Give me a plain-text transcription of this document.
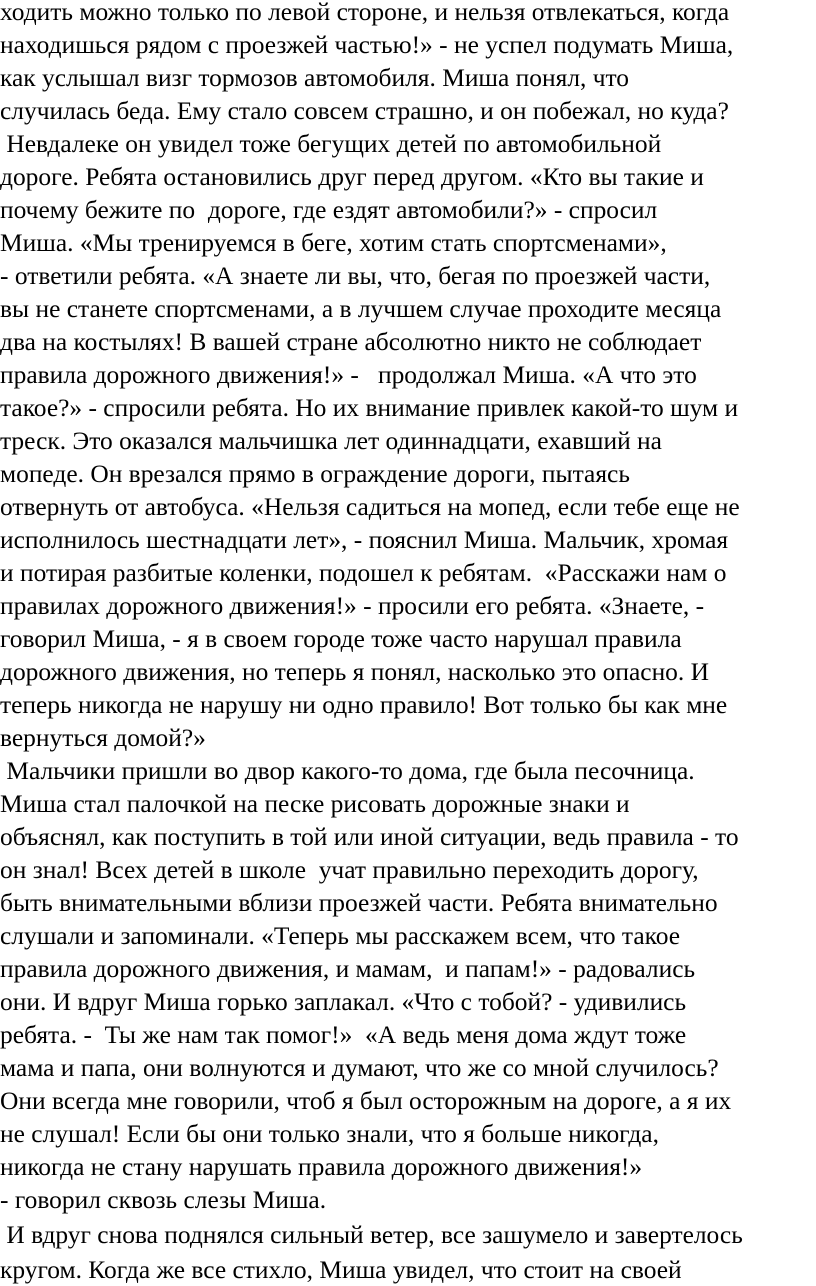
ходить можно только по левой стороне, и нельзя отвлекаться, когда

находишься рядом с проезжей частью!» - не успел подумать Миша,

как услышал визг тормозов автомобиля. Миша понял, что

случилась беда. Ему стало совсем страшно, и он побежал, но куда?

Невдалеке он увидел тоже бегущих детей по автомобильной

дороге. Ребята остановились друг перед другом. «Кто вы такие и

почему бежите по  дороге, где ездят автомобили?» - спросил

Миша. «Мы тренируемся в беге, хотим стать спортсменами»,

- ответили ребята. «А знаете ли вы, что, бегая по проезжей части,

вы не станете спортсменами, а в лучшем случае проходите месяца

два на костылях! В вашей стране абсолютно никто не соблюдает

правила дорожного движения!» -   продолжал Миша. «А что это

такое?» - спросили ребята. Но их внимание привлек какой-то шум и

треск. Это оказался мальчишка лет одиннадцати, ехавший на

мопеде. Он врезался прямо в ограждение дороги, пытаясь

отвернуть от автобуса. «Нельзя садиться на мопед, если тебе еще не

исполнилось шестнадцати лет», - пояснил Миша. Мальчик, хромая

и потирая разбитые коленки, подошел к ребятам.  «Расскажи нам о

правилах дорожного движения!» - просили его ребята. «Знаете, -

говорил Миша, - я в своем городе тоже часто нарушал правила

дорожного движения, но теперь я понял, насколько это опасно. И

теперь никогда не нарушу ни одно правило! Вот только бы как мне

вернуться домой?»

Мальчики пришли во двор какого-то дома, где была песочница.

Миша стал палочкой на песке рисовать дорожные знаки и

объяснял, как поступить в той или иной ситуации, ведь правила - то

он знал! Всех детей в школе  учат правильно переходить дорогу,

быть внимательными вблизи проезжей части. Ребята внимательно

слушали и запоминали. «Теперь мы расскажем всем, что такое

правила дорожного движения, и мамам,  и папам!» - радовались

они. И вдруг Миша горько заплакал. «Что с тобой? - удивились

ребята. -  Ты же нам так помог!»  «А ведь меня дома ждут тоже

мама и папа, они волнуются и думают, что же со мной случилось?

Они всегда мне говорили, чтоб я был осторожным на дороге, а я их

не слушал! Если бы они только знали, что я больше никогда,

никогда не стану нарушать правила дорожного движения!»

- говорил сквозь слезы Миша.

И вдруг снова поднялся сильный ветер, все зашумело и завертелось

кругом. Когда же все стихло, Миша увидел, что стоит на своей
